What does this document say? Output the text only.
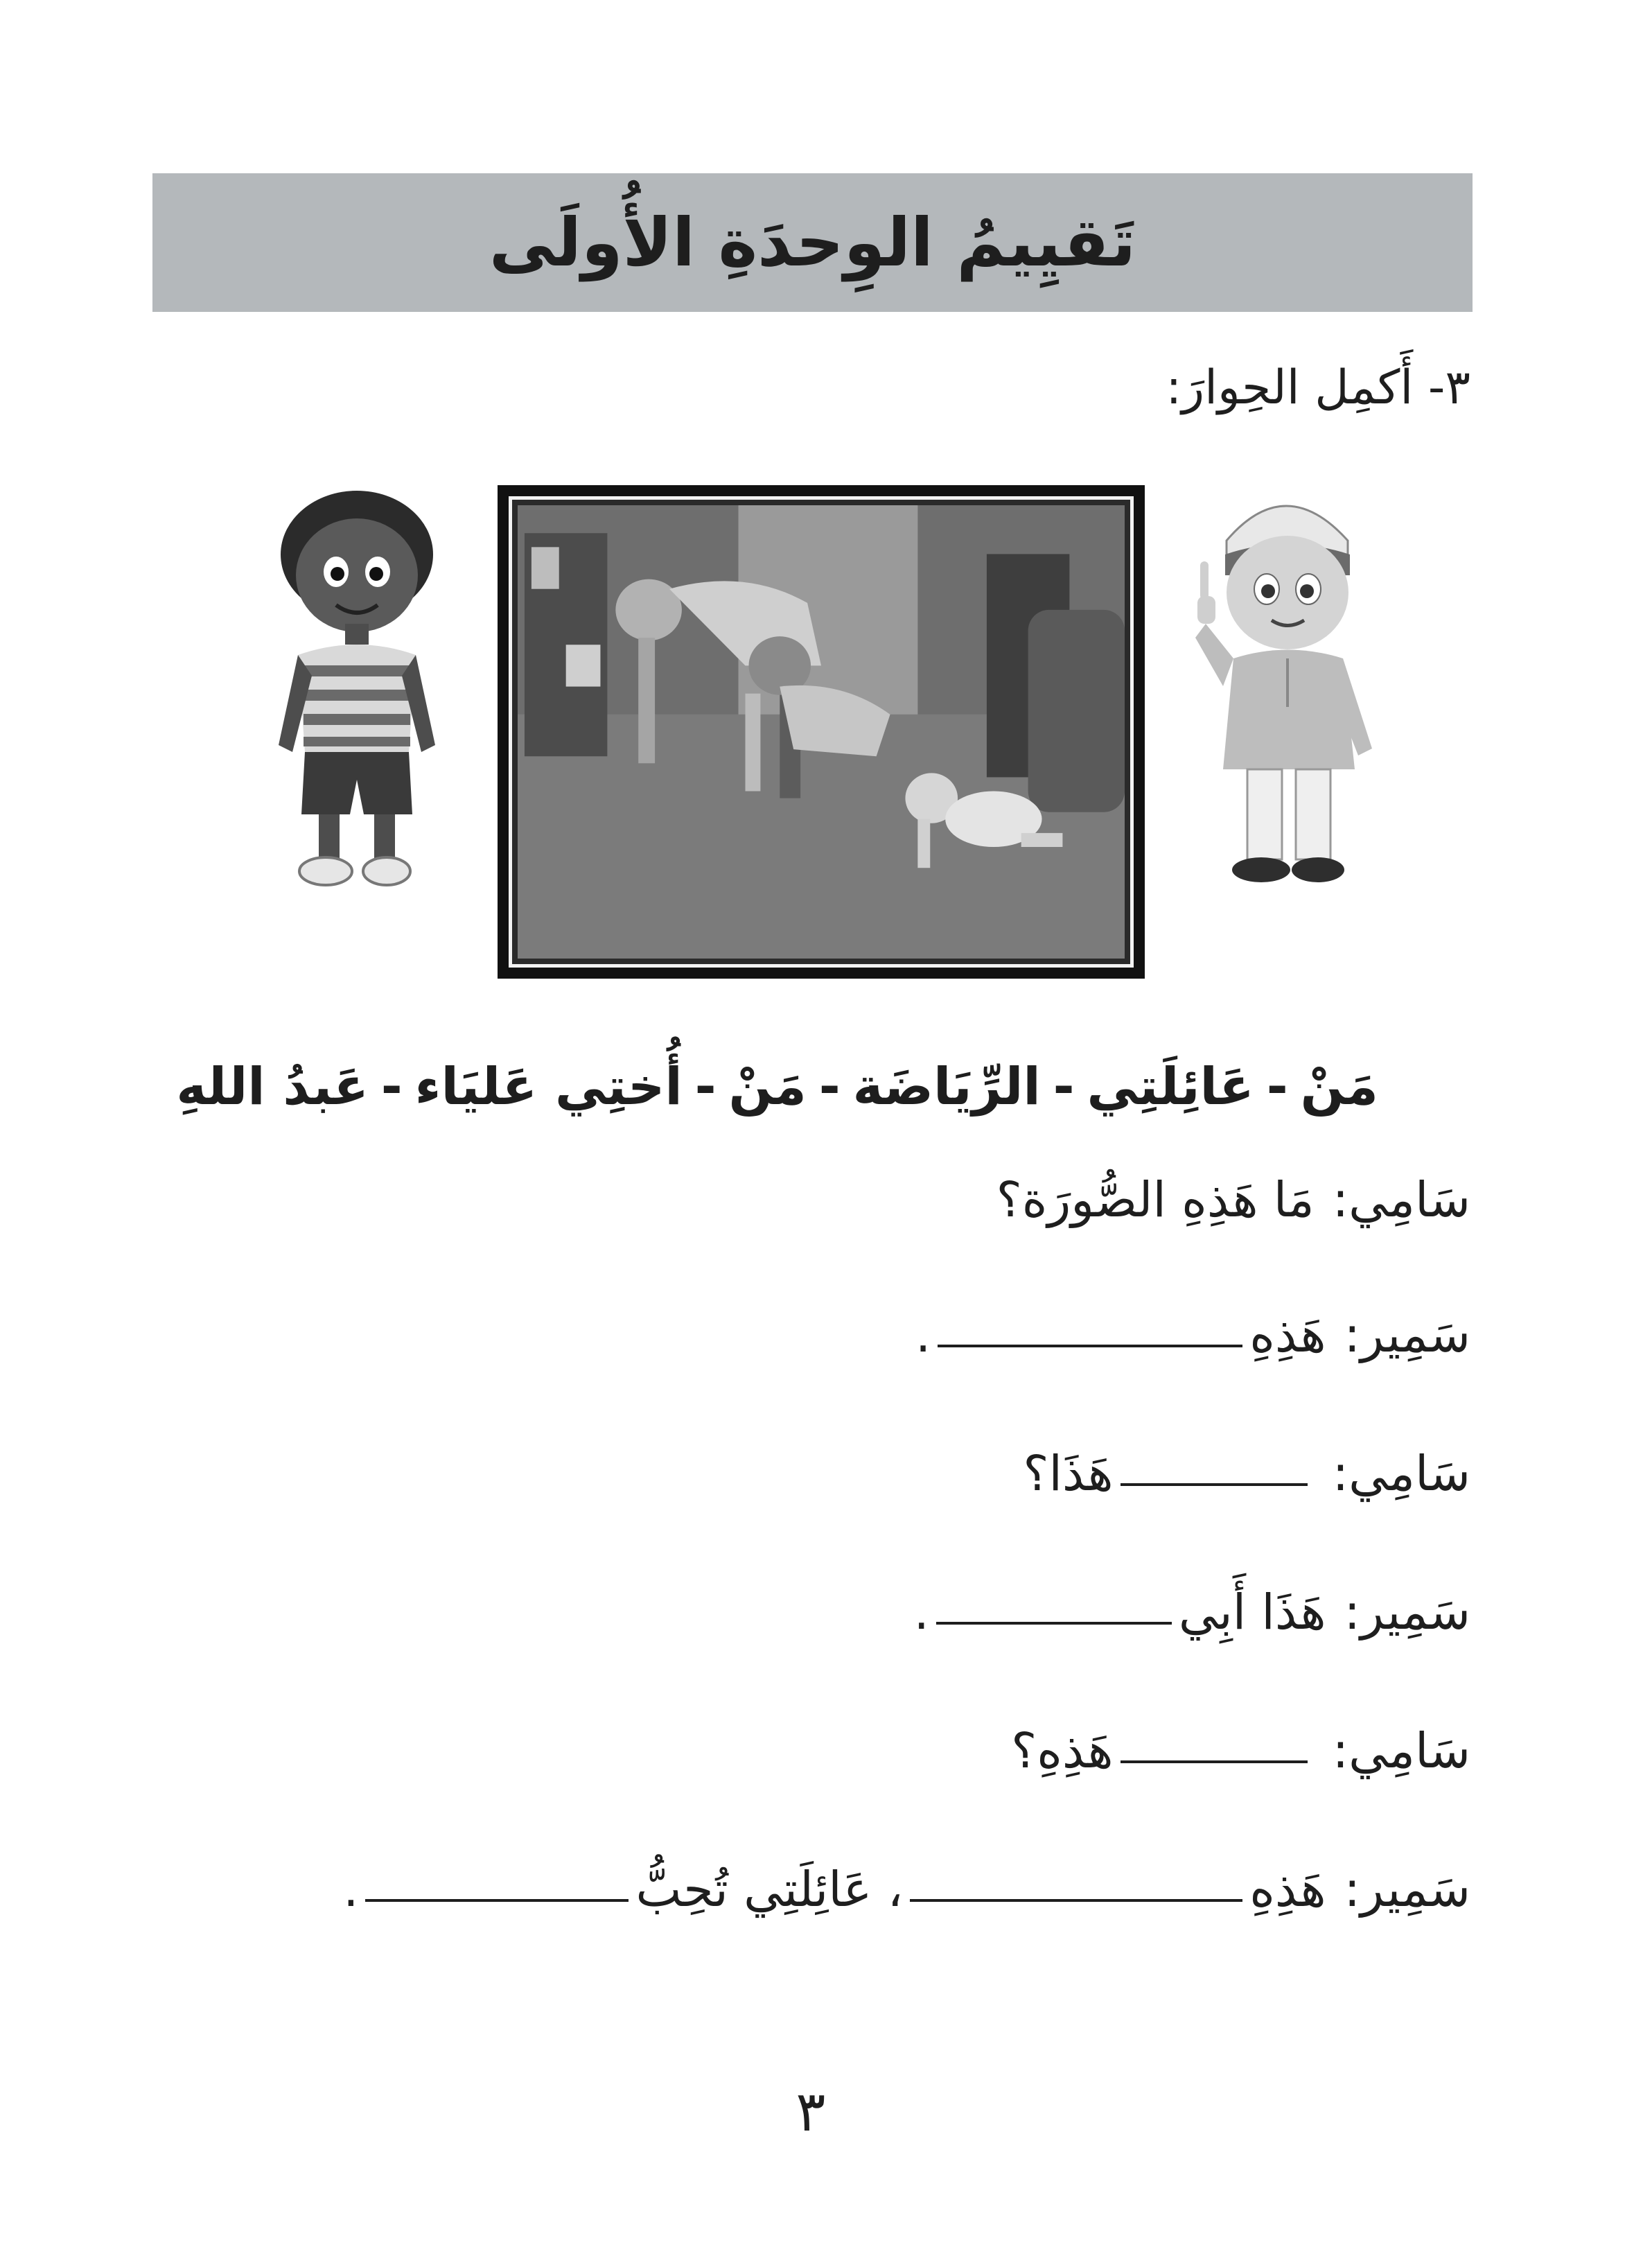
تَقيِيمُ الوِحدَةِ الأُولَى
٣- أَكمِل الحِوارَ:
مَنْ-عَائِلَتِي-الرِّيَاضَة-مَنْ-أُختِي عَليَاء-عَبدُ اللهِ
سَامِي:
مَا هَذِهِ الصُّورَة؟
سَمِير:
هَذِهِ
.
سَامِي:
هَذَا؟
سَمِير:
هَذَا أَبِي
.
سَامِي:
هَذِهِ؟
سَمِير:
هَذِهِ
، عَائِلَتِي تُحِبُّ
.
٣
